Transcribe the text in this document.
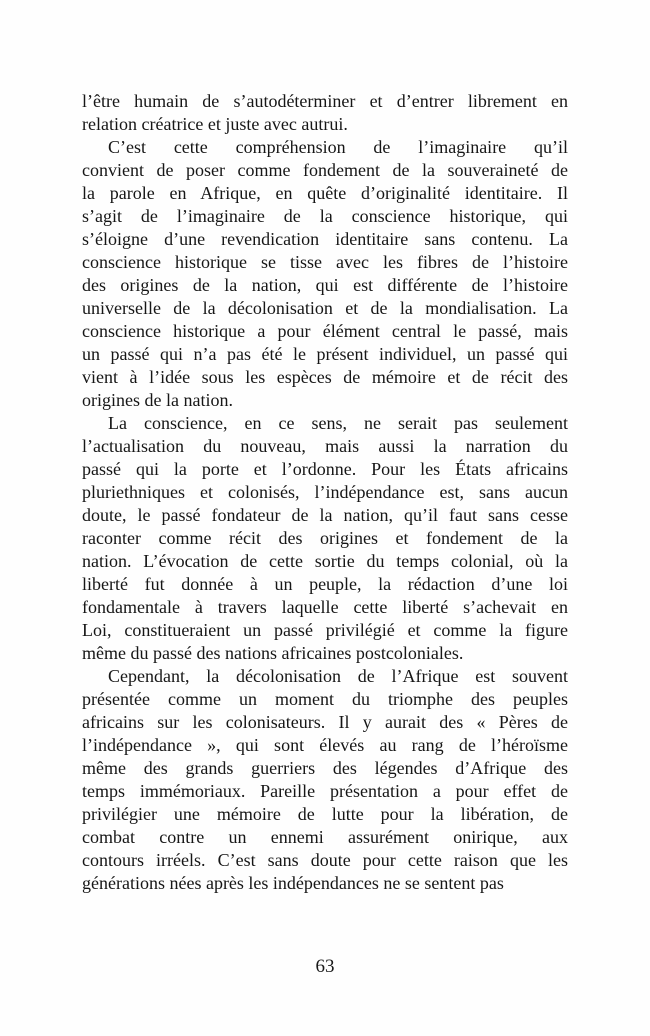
l’être humain de s’autodéterminer et d’entrer librement en
relation créatrice et juste avec autrui.
C’est cette compréhension de l’imaginaire qu’il
convient de poser comme fondement de la souveraineté de
la parole en Afrique, en quête d’originalité identitaire. Il
s’agit de l’imaginaire de la conscience historique, qui
s’éloigne d’une revendication identitaire sans contenu. La
conscience historique se tisse avec les fibres de l’histoire
des origines de la nation, qui est différente de l’histoire
universelle de la décolonisation et de la mondialisation. La
conscience historique a pour élément central le passé, mais
un passé qui n’a pas été le présent individuel, un passé qui
vient à l’idée sous les espèces de mémoire et de récit des
origines de la nation.
La conscience, en ce sens, ne serait pas seulement
l’actualisation du nouveau, mais aussi la narration du
passé qui la porte et l’ordonne. Pour les États africains
pluriethniques et colonisés, l’indépendance est, sans aucun
doute, le passé fondateur de la nation, qu’il faut sans cesse
raconter comme récit des origines et fondement de la
nation. L’évocation de cette sortie du temps colonial, où la
liberté fut donnée à un peuple, la rédaction d’une loi
fondamentale à travers laquelle cette liberté s’achevait en
Loi, constitueraient un passé privilégié et comme la figure
même du passé des nations africaines postcoloniales.
Cependant, la décolonisation de l’Afrique est souvent
présentée comme un moment du triomphe des peuples
africains sur les colonisateurs. Il y aurait des « Pères de
l’indépendance », qui sont élevés au rang de l’héroïsme
même des grands guerriers des légendes d’Afrique des
temps immémoriaux. Pareille présentation a pour effet de
privilégier une mémoire de lutte pour la libération, de
combat contre un ennemi assurément onirique, aux
contours irréels. C’est sans doute pour cette raison que les
générations nées après les indépendances ne se sentent pas
63
